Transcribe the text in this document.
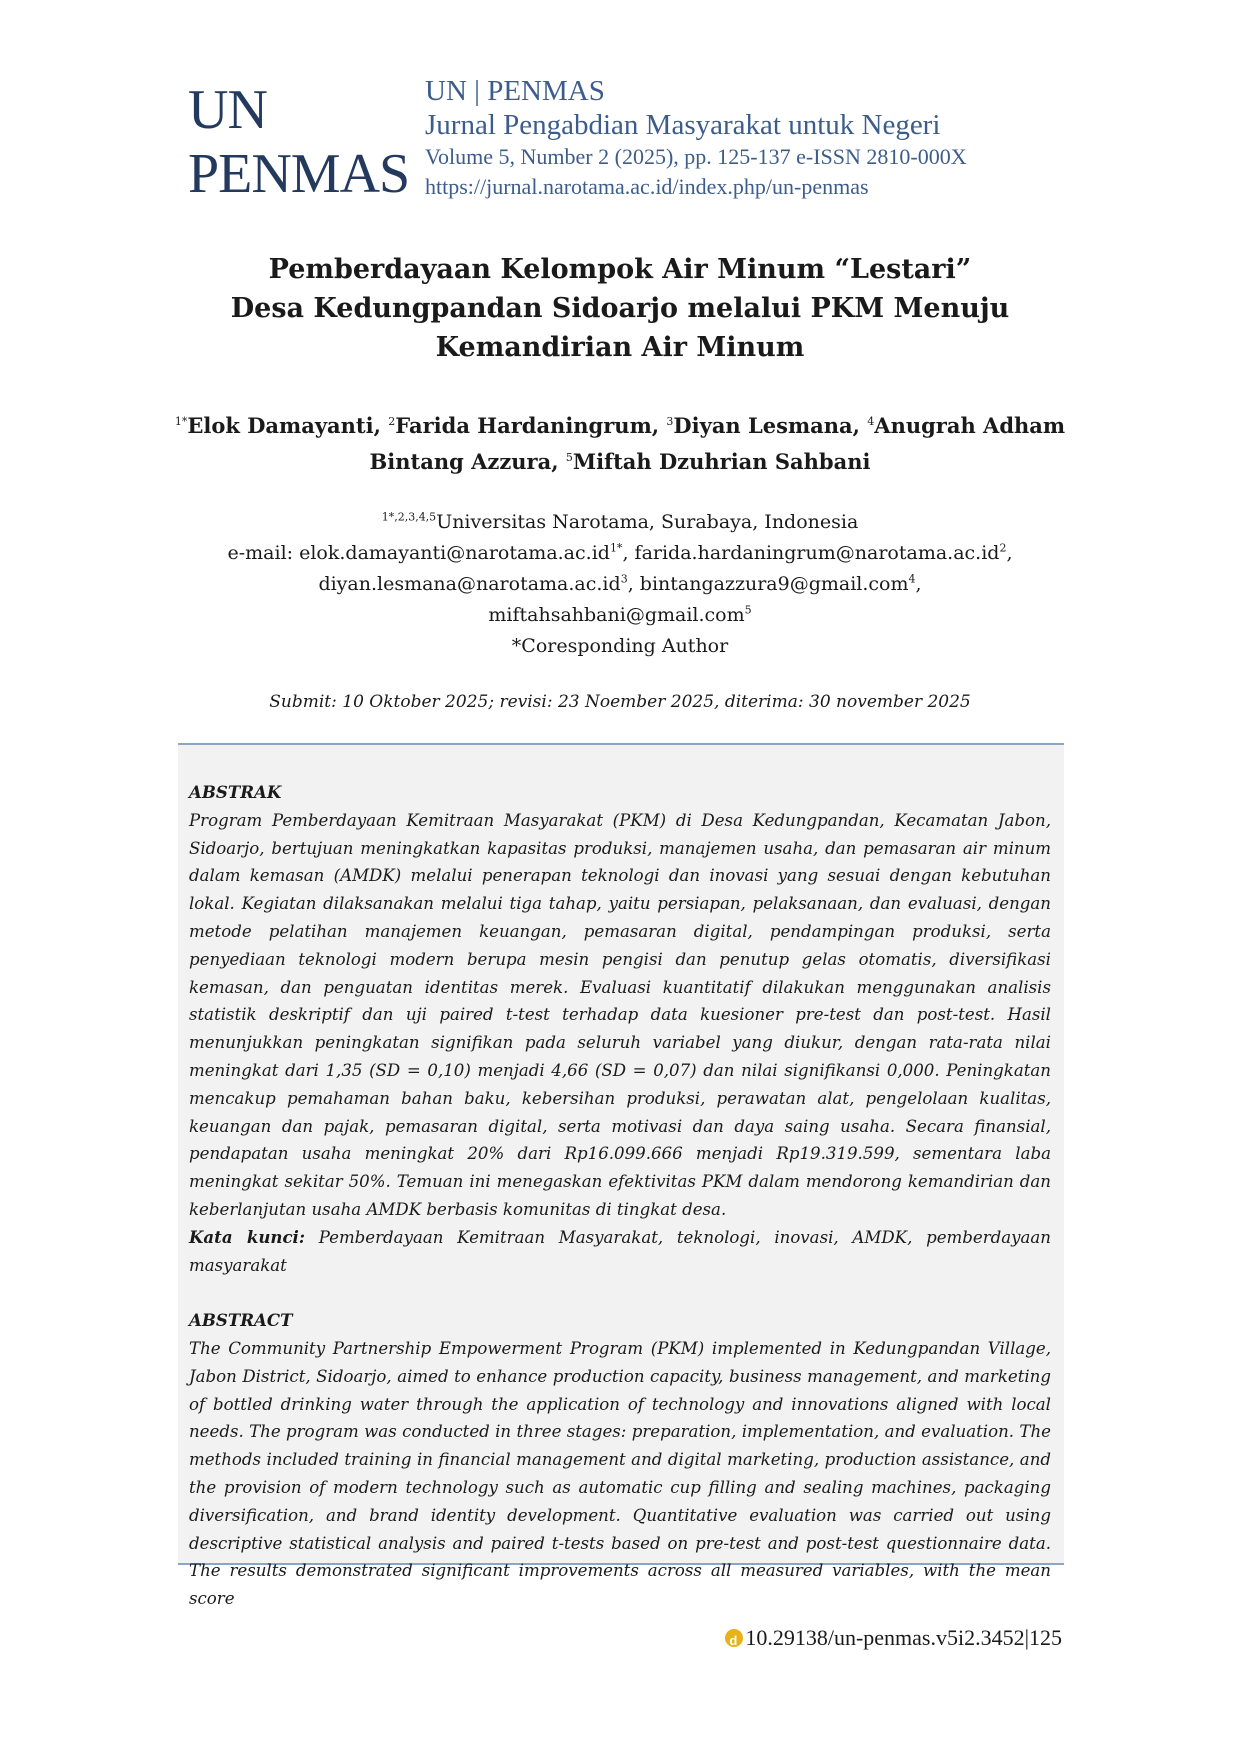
UN
PENMAS
UN | PENMAS
Jurnal Pengabdian Masyarakat untuk Negeri
Volume 5, Number 2 (2025), pp. 125-137 e-ISSN 2810-000X
https://jurnal.narotama.ac.id/index.php/un-penmas
Pemberdayaan Kelompok Air Minum “Lestari”
Desa Kedungpandan Sidoarjo melalui PKM Menuju
Kemandirian Air Minum
$^{1*}$Elok Damayanti, $^2$Farida Hardaningrum, $^3$Diyan Lesmana, $^4$Anugrah Adham Bintang Azzura, $^5$Miftah Dzuhrian Sahbani
$^{1*,2,3,4,5}$Universitas Narotama, Surabaya, Indonesia
e-mail: $elok.damayanti@narotama.ac.id^{1*}$, $farida.hardaningrum@narotama.ac.id^2$,
$diyan.lesmana@narotama.ac.id^3$, bintangazzura9@gmail.com$^4$,
miftahsahbani@gmail.com$^5$
*Coresponding Author
Submit: 10 Oktober 2025; revisi: 23 Noember 2025, diterima: 30 november 2025

ABSTRAK

Program Pemberdayaan Kemitraan Masyarakat (PKM) di Desa Kedungpandan, Kecamatan Jabon, Sidoarjo, bertujuan meningkatkan kapasitas produksi, manajemen usaha, dan pemasaran air minum dalam kemasan (AMDK) melalui penerapan teknologi dan inovasi yang sesuai dengan kebutuhan lokal. Kegiatan dilaksanakan melalui tiga tahap, yaitu persiapan, pelaksanaan, dan evaluasi, dengan metode pelatihan manajemen keuangan, pemasaran digital, pendampingan produksi, serta penyediaan teknologi modern berupa mesin pengisi dan penutup gelas otomatis, diversifikasi kemasan, dan penguatan identitas merek. Evaluasi kuantitatif dilakukan menggunakan analisis statistik deskriptif dan uji paired t-test terhadap data kuesioner pre-test dan post-test. Hasil menunjukkan peningkatan signifikan pada seluruh variabel yang diukur, dengan rata-rata nilai meningkat dari 1,35 (SD = 0,10) menjadi 4,66 (SD = 0,07) dan nilai signifikansi 0,000. Peningkatan mencakup pemahaman bahan baku, kebersihan produksi, perawatan alat, pengelolaan kualitas, keuangan dan pajak, pemasaran digital, serta motivasi dan daya saing usaha. Secara finansial, pendapatan usaha meningkat 20% dari Rp16.099.666 menjadi Rp19.319.599, sementara laba meningkat sekitar 50%. Temuan ini menegaskan efektivitas PKM dalam mendorong kemandirian dan keberlanjutan usaha AMDK berbasis komunitas di tingkat desa.

Kata kunci: Pemberdayaan Kemitraan Masyarakat, teknologi, inovasi, AMDK, pemberdayaan masyarakat

ABSTRACT

The Community Partnership Empowerment Program (PKM) implemented in Kedungpandan Village, Jabon District, Sidoarjo, aimed to enhance production capacity, business management, and marketing of bottled drinking water through the application of technology and innovations aligned with local needs. The program was conducted in three stages: preparation, implementation, and evaluation. The methods included training in financial management and digital marketing, production assistance, and the provision of modern technology such as automatic cup filling and sealing machines, packaging diversification, and brand identity development. Quantitative evaluation was carried out using descriptive statistical analysis and paired t-tests based on pre-test and post-test questionnaire data. The results demonstrated significant improvements across all measured variables, with the mean score

d
10.29138/un-penmas.v5i2.3452 |125
